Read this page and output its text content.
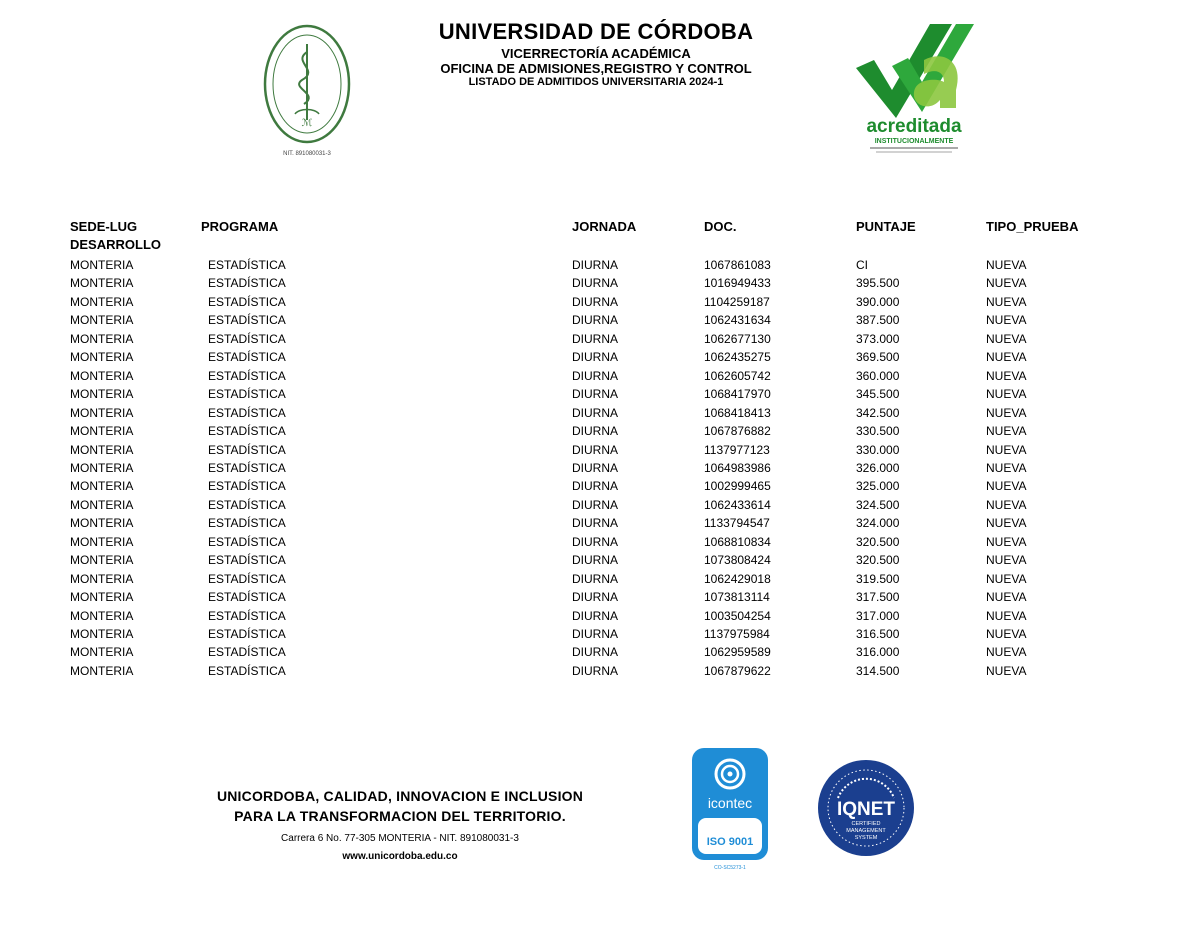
ℳ
NIT. 891080031-3
UNIVERSIDAD DE CÓRDOBA
VICERRECTORÍA ACADÉMICA
OFICINA DE ADMISIONES,REGISTRO Y CONTROL
LISTADO DE ADMITIDOS UNIVERSITARIA 2024-1
acreditada
INSTITUCIONALMENTE
SEDE-LUG
DESARROLLO
PROGRAMA	JORNADA	DOC.	PUNTAJE	TIPO_PRUEBA
MONTERIA	ESTADÍSTICA	DIURNA	1067861083	CI	NUEVA
MONTERIA	ESTADÍSTICA	DIURNA	1016949433	395.500	NUEVA
MONTERIA	ESTADÍSTICA	DIURNA	1104259187	390.000	NUEVA
MONTERIA	ESTADÍSTICA	DIURNA	1062431634	387.500	NUEVA
MONTERIA	ESTADÍSTICA	DIURNA	1062677130	373.000	NUEVA
MONTERIA	ESTADÍSTICA	DIURNA	1062435275	369.500	NUEVA
MONTERIA	ESTADÍSTICA	DIURNA	1062605742	360.000	NUEVA
MONTERIA	ESTADÍSTICA	DIURNA	1068417970	345.500	NUEVA
MONTERIA	ESTADÍSTICA	DIURNA	1068418413	342.500	NUEVA
MONTERIA	ESTADÍSTICA	DIURNA	1067876882	330.500	NUEVA
MONTERIA	ESTADÍSTICA	DIURNA	1137977123	330.000	NUEVA
MONTERIA	ESTADÍSTICA	DIURNA	1064983986	326.000	NUEVA
MONTERIA	ESTADÍSTICA	DIURNA	1002999465	325.000	NUEVA
MONTERIA	ESTADÍSTICA	DIURNA	1062433614	324.500	NUEVA
MONTERIA	ESTADÍSTICA	DIURNA	1133794547	324.000	NUEVA
MONTERIA	ESTADÍSTICA	DIURNA	1068810834	320.500	NUEVA
MONTERIA	ESTADÍSTICA	DIURNA	1073808424	320.500	NUEVA
MONTERIA	ESTADÍSTICA	DIURNA	1062429018	319.500	NUEVA
MONTERIA	ESTADÍSTICA	DIURNA	1073813114	317.500	NUEVA
MONTERIA	ESTADÍSTICA	DIURNA	1003504254	317.000	NUEVA
MONTERIA	ESTADÍSTICA	DIURNA	1137975984	316.500	NUEVA
MONTERIA	ESTADÍSTICA	DIURNA	1062959589	316.000	NUEVA
MONTERIA	ESTADÍSTICA	DIURNA	1067879622	314.500	NUEVA
UNICORDOBA, CALIDAD, INNOVACION E INCLUSION
PARA LA TRANSFORMACION DEL TERRITORIO.
Carrera 6 No. 77-305 MONTERIA - NIT. 891080031-3
www.unicordoba.edu.co
icontec
ISO 9001
CO-SC5273-1
IQNET
CERTIFIED
MANAGEMENT
SYSTEM
